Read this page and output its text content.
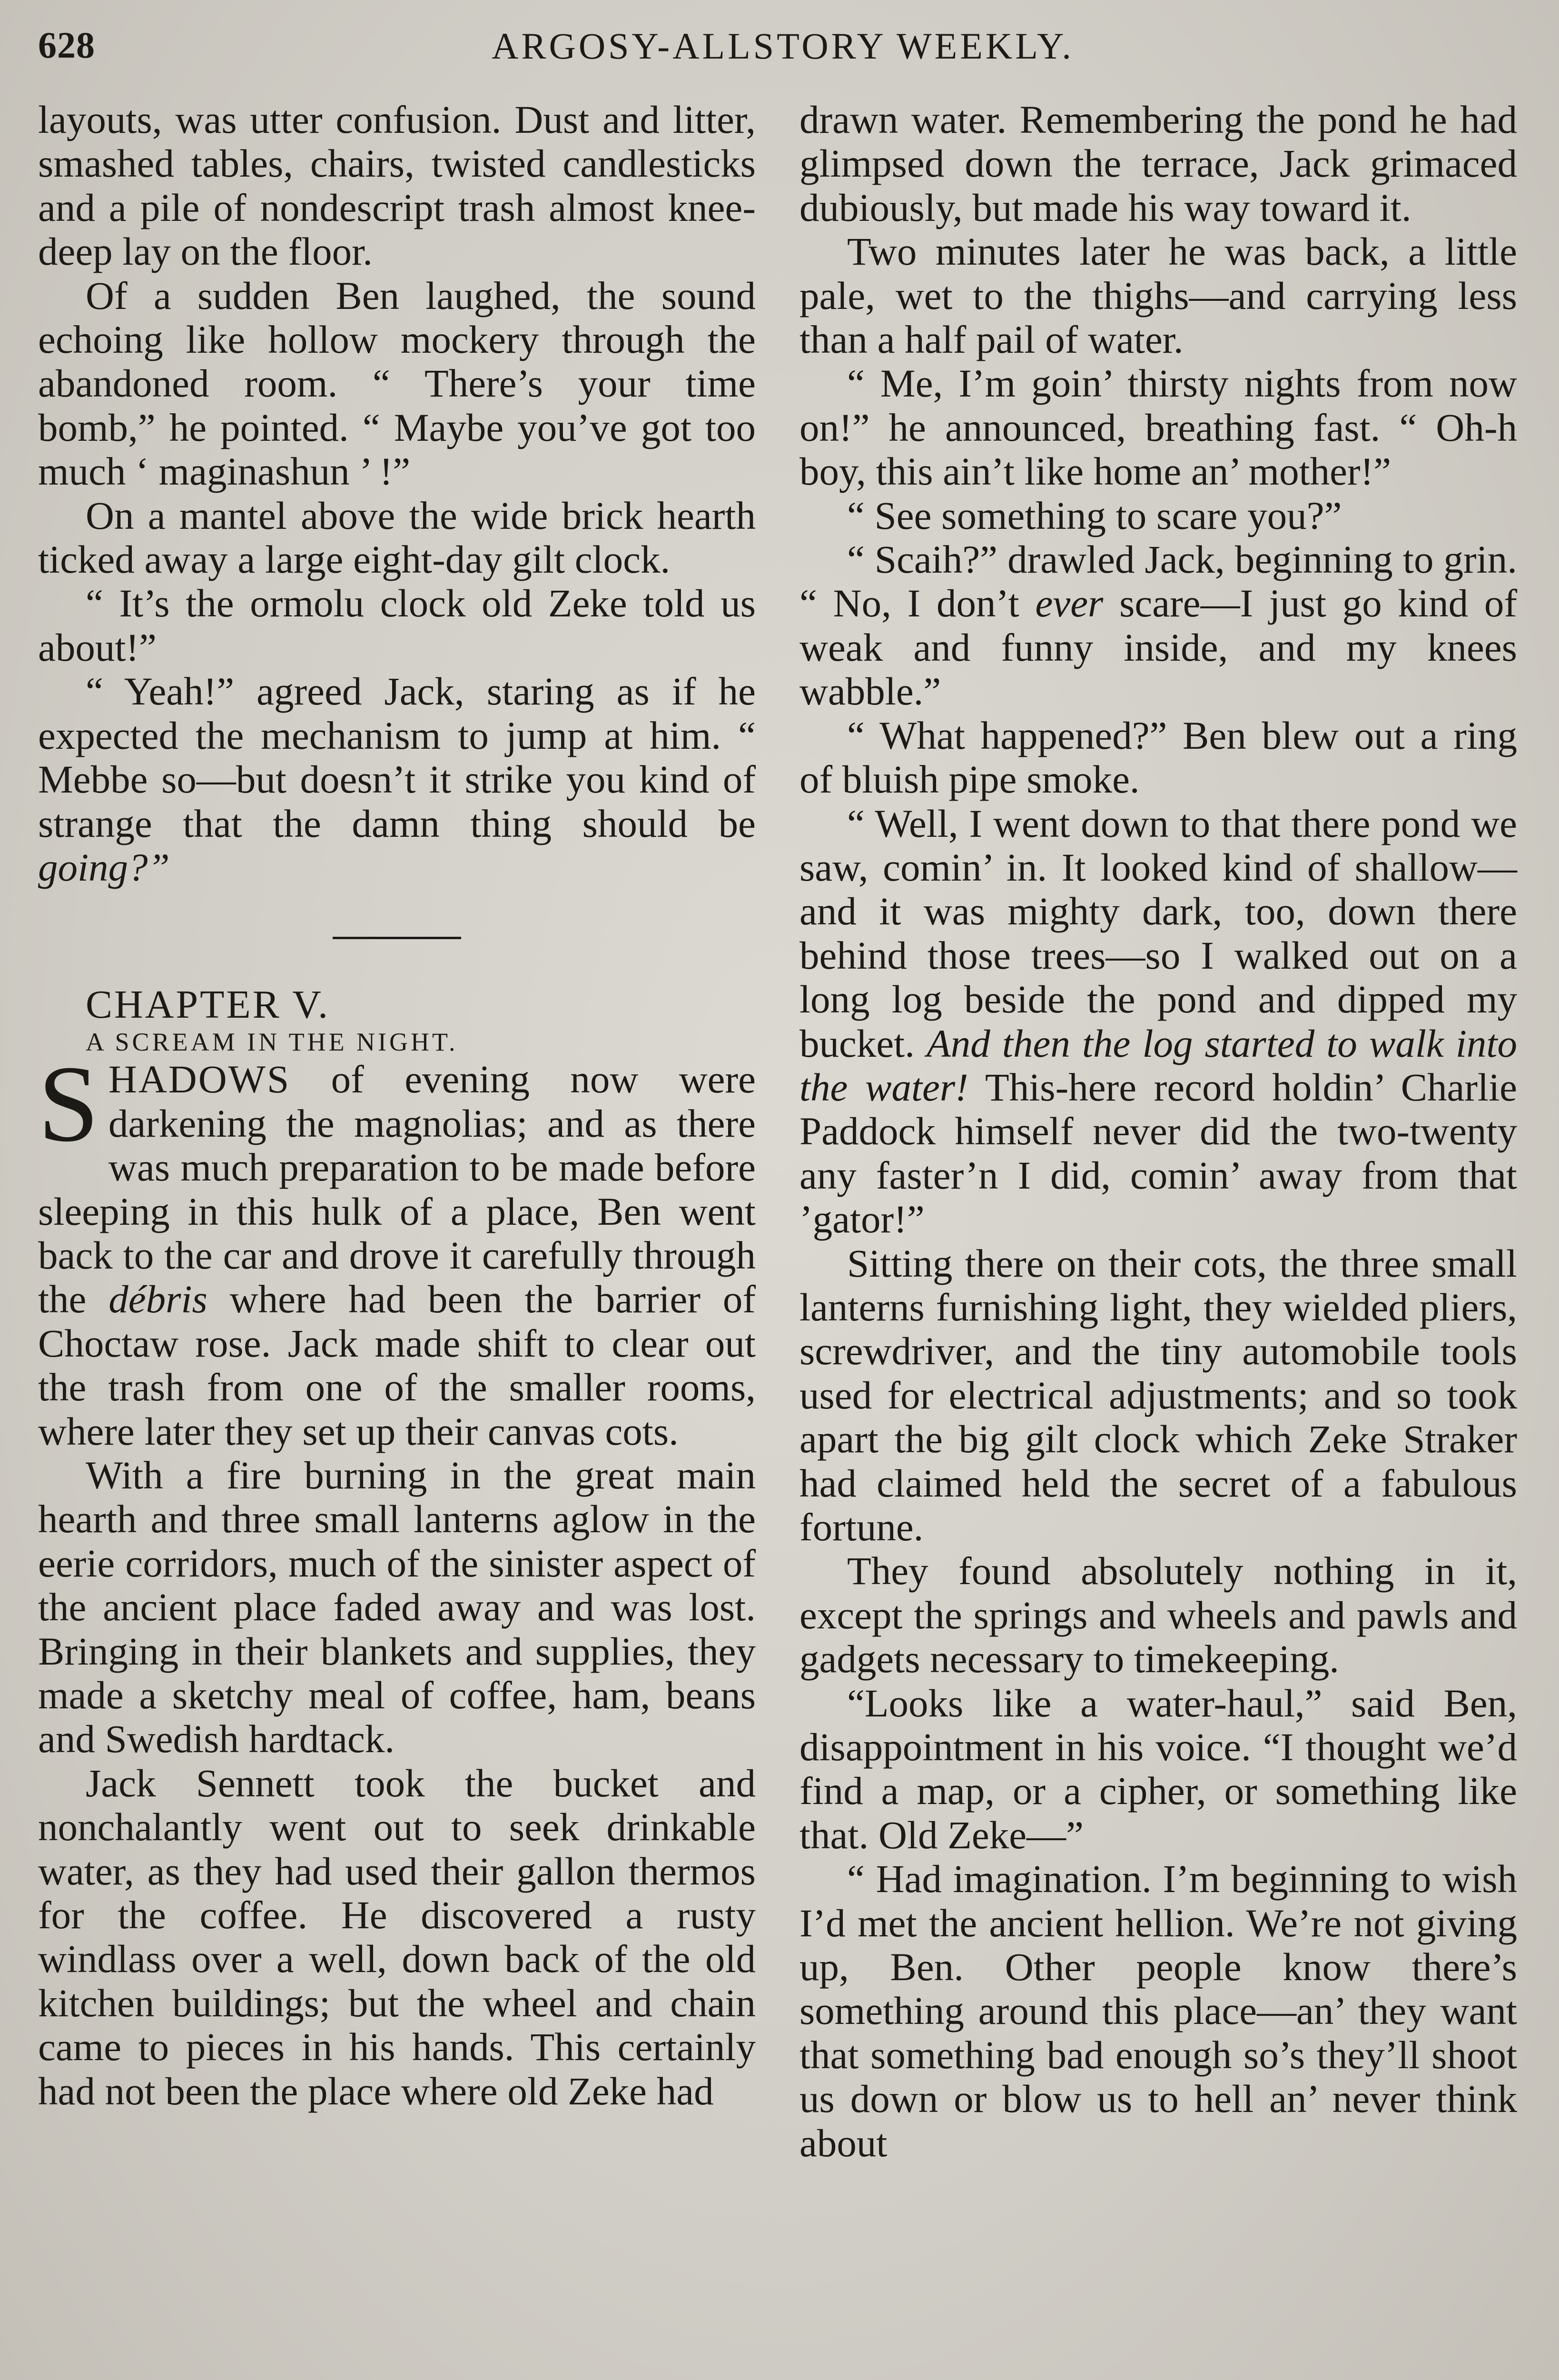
628	ARGOSY-ALLSTORY WEEKLY.

layouts, was utter confusion. Dust and litter, smashed tables, chairs, twisted candlesticks and a pile of nondescript trash almost knee-deep lay on the floor.

Of a sudden Ben laughed, the sound echoing like hollow mockery through the abandoned room. “ There’s your time bomb,” he pointed. “ Maybe you’ve got too much ‘ maginashun ’ !”

On a mantel above the wide brick hearth ticked away a large eight-day gilt clock.

“ It’s the ormolu clock old Zeke told us about!”

“ Yeah!” agreed Jack, staring as if he expected the mechanism to jump at him. “ Mebbe so—but doesn’t it strike you kind of strange that the damn thing should be going?”

CHAPTER V.

A SCREAM IN THE NIGHT.

SHADOWS of evening now were darkening the magnolias; and as there was much preparation to be made before sleeping in this hulk of a place, Ben went back to the car and drove it carefully through the débris where had been the barrier of Choctaw rose. Jack made shift to clear out the trash from one of the smaller rooms, where later they set up their canvas cots.

With a fire burning in the great main hearth and three small lanterns aglow in the eerie corridors, much of the sinister aspect of the ancient place faded away and was lost. Bringing in their blankets and supplies, they made a sketchy meal of coffee, ham, beans and Swedish hardtack.

Jack Sennett took the bucket and nonchalantly went out to seek drinkable water, as they had used their gallon thermos for the coffee. He discovered a rusty windlass over a well, down back of the old kitchen buildings; but the wheel and chain came to pieces in his hands. This certainly had not been the place where old Zeke had

drawn water. Remembering the pond he had glimpsed down the terrace, Jack grimaced dubiously, but made his way toward it.

Two minutes later he was back, a little pale, wet to the thighs—and carrying less than a half pail of water.

“ Me, I’m goin’ thirsty nights from now on!” he announced, breathing fast. “ Oh-h boy, this ain’t like home an’ mother!”

“ See something to scare you?”

“ Scaih?” drawled Jack, beginning to grin. “ No, I don’t ever scare—I just go kind of weak and funny inside, and my knees wabble.”

“ What happened?” Ben blew out a ring of bluish pipe smoke.

“ Well, I went down to that there pond we saw, comin’ in. It looked kind of shallow—and it was mighty dark, too, down there behind those trees—so I walked out on a long log beside the pond and dipped my bucket. And then the log started to walk into the water! This-here record holdin’ Charlie Paddock himself never did the two-twenty any faster’n I did, comin’ away from that ’gator!”

Sitting there on their cots, the three small lanterns furnishing light, they wielded pliers, screwdriver, and the tiny automobile tools used for electrical adjustments; and so took apart the big gilt clock which Zeke Straker had claimed held the secret of a fabulous fortune.

They found absolutely nothing in it, except the springs and wheels and pawls and gadgets necessary to timekeeping.

“Looks like a water-haul,” said Ben, disappointment in his voice. “I thought we’d find a map, or a cipher, or something like that. Old Zeke—”

“ Had imagination. I’m beginning to wish I’d met the ancient hellion. We’re not giving up, Ben. Other people know there’s something around this place—an’ they want that something bad enough so’s they’ll shoot us down or blow us to hell an’ never think about
